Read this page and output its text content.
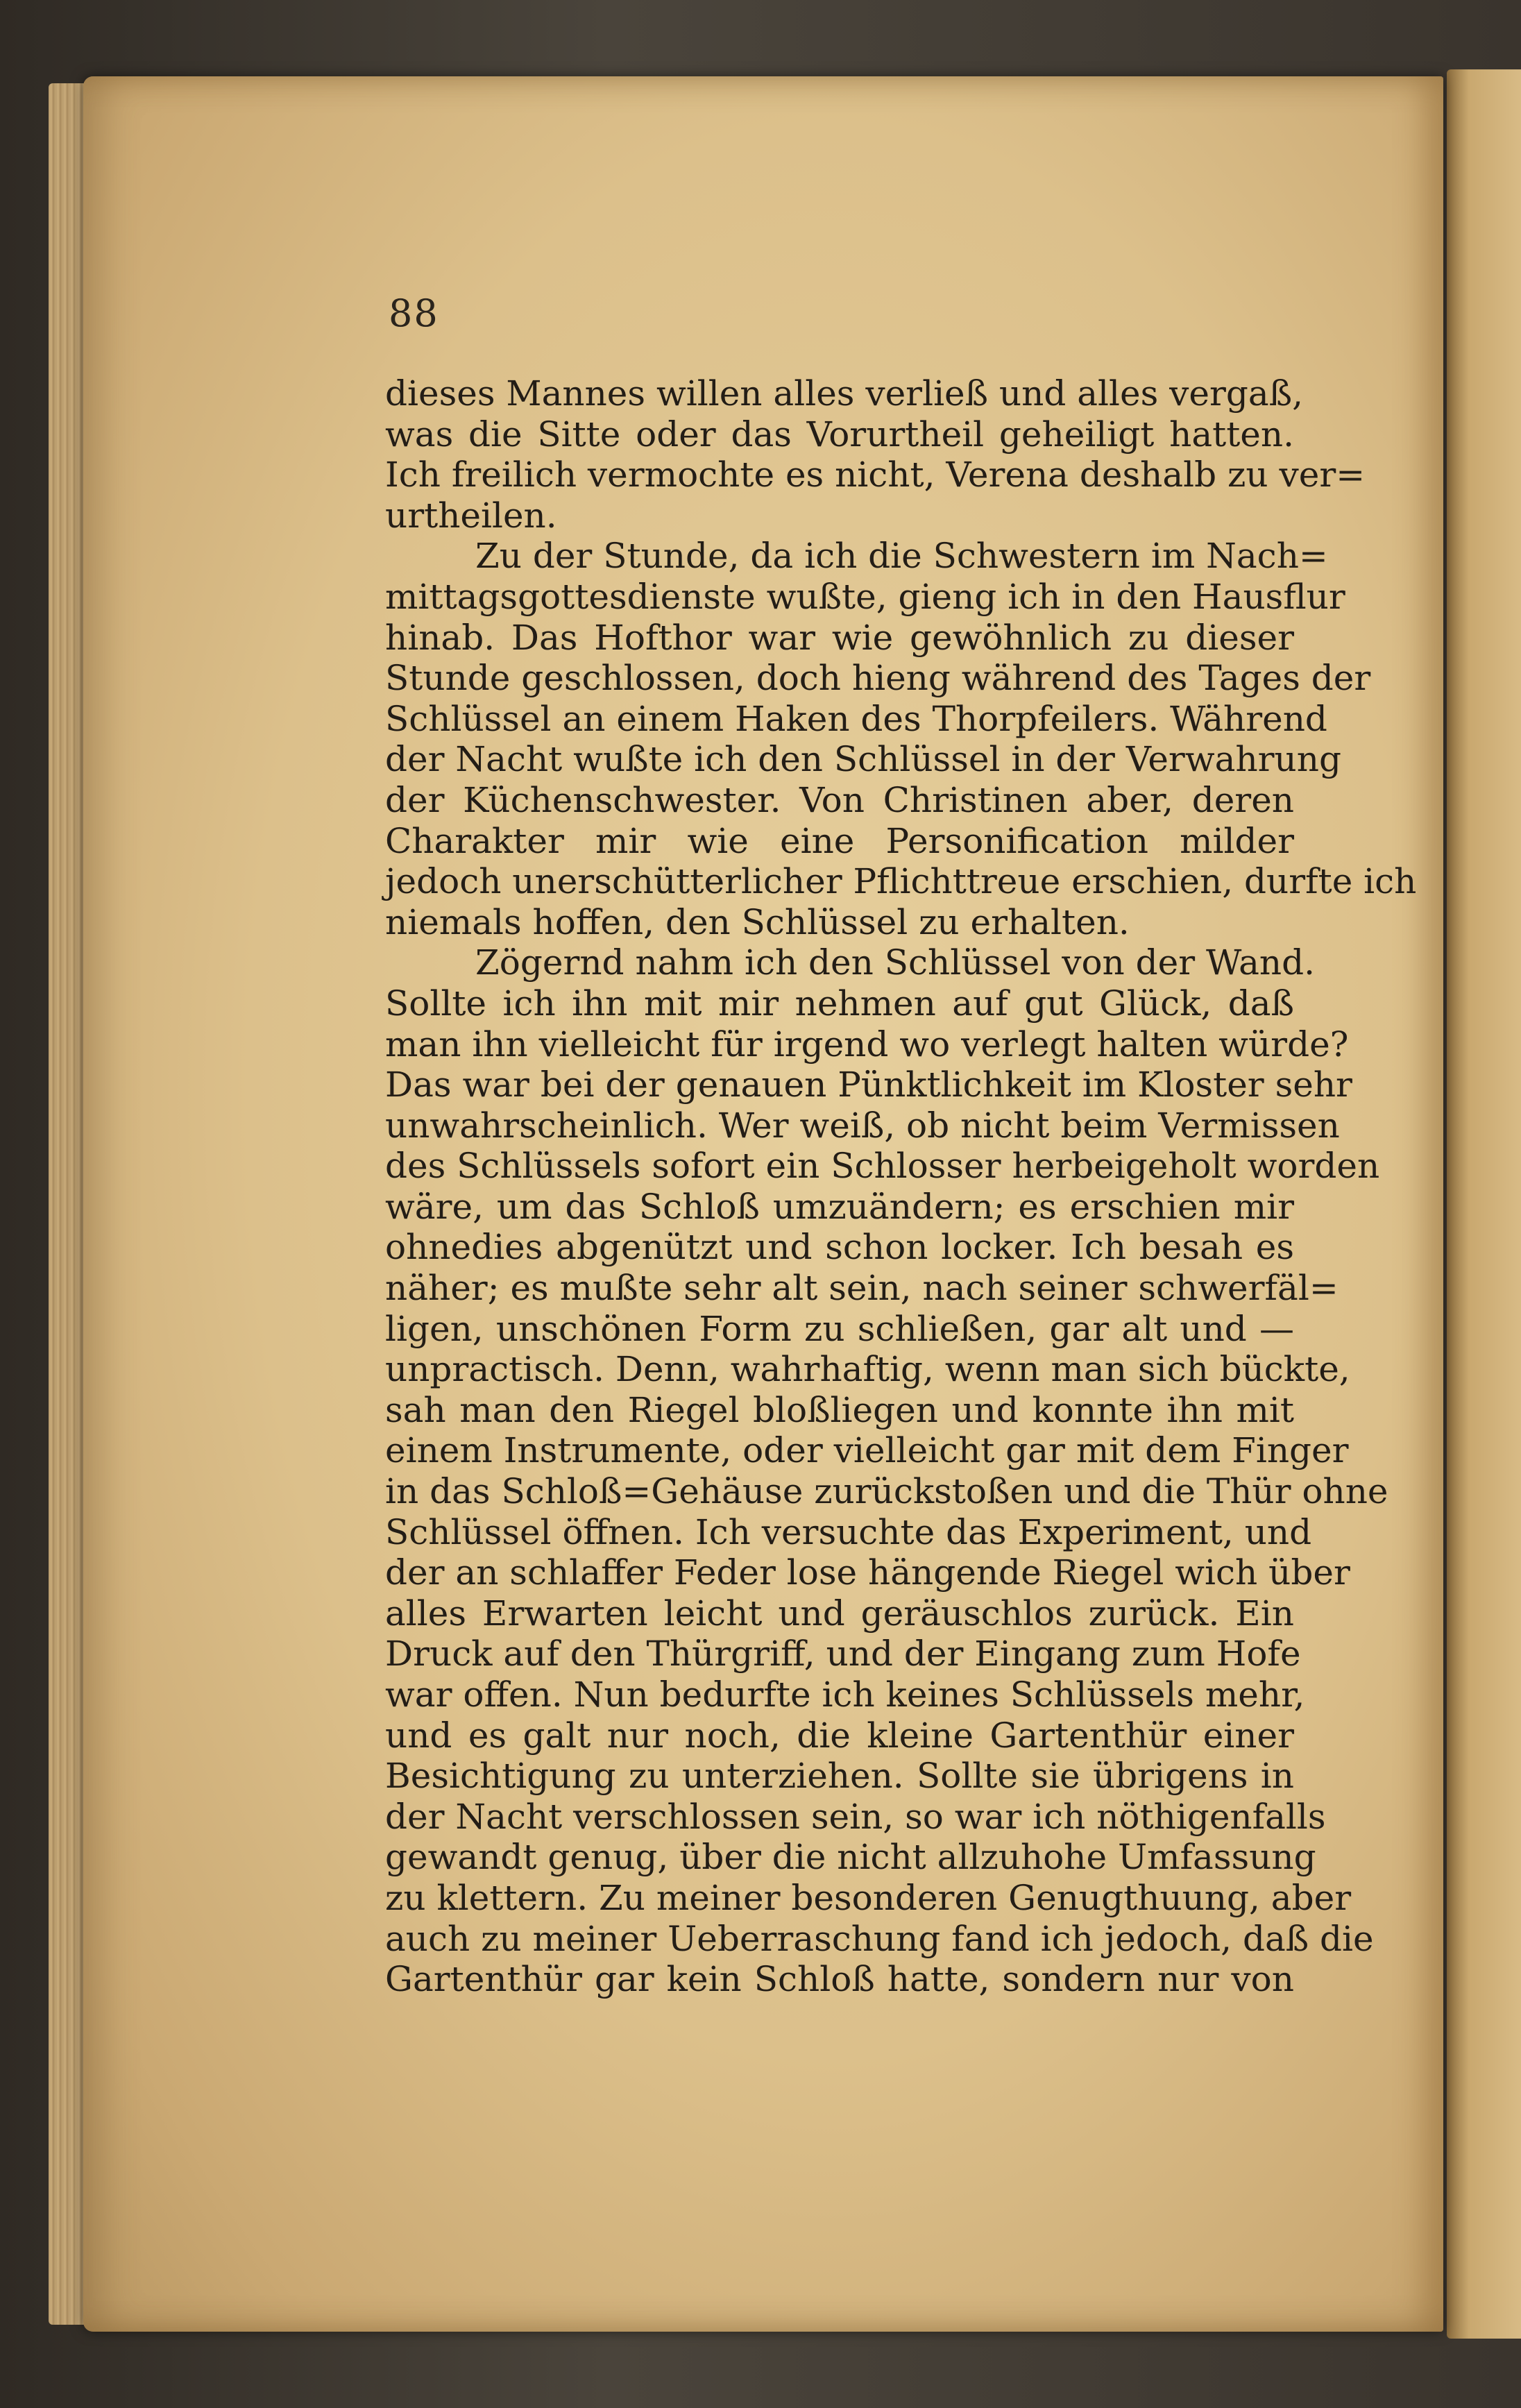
88
dieses Mannes willen alles verließ und alles vergaß,
was die Sitte oder das Vorurtheil geheiligt hatten.
Ich freilich vermochte es nicht, Verena deshalb zu ver=
urtheilen.
Zu der Stunde, da ich die Schwestern im Nach=
mittagsgottesdienste wußte, gieng ich in den Hausflur
hinab. Das Hofthor war wie gewöhnlich zu dieser
Stunde geschlossen, doch hieng während des Tages der
Schlüssel an einem Haken des Thorpfeilers. Während
der Nacht wußte ich den Schlüssel in der Verwahrung
der Küchenschwester. Von Christinen aber, deren
Charakter mir wie eine Personification milder
jedoch unerschütterlicher Pflichttreue erschien, durfte ich
niemals hoffen, den Schlüssel zu erhalten.
Zögernd nahm ich den Schlüssel von der Wand.
Sollte ich ihn mit mir nehmen auf gut Glück, daß
man ihn vielleicht für irgend wo verlegt halten würde?
Das war bei der genauen Pünktlichkeit im Kloster sehr
unwahrscheinlich. Wer weiß, ob nicht beim Vermissen
des Schlüssels sofort ein Schlosser herbeigeholt worden
wäre, um das Schloß umzuändern; es erschien mir
ohnedies abgenützt und schon locker. Ich besah es
näher; es mußte sehr alt sein, nach seiner schwerfäl=
ligen, unschönen Form zu schließen, gar alt und —
unpractisch. Denn, wahrhaftig, wenn man sich bückte,
sah man den Riegel bloßliegen und konnte ihn mit
einem Instrumente, oder vielleicht gar mit dem Finger
in das Schloß=Gehäuse zurückstoßen und die Thür ohne
Schlüssel öffnen. Ich versuchte das Experiment, und
der an schlaffer Feder lose hängende Riegel wich über
alles Erwarten leicht und geräuschlos zurück. Ein
Druck auf den Thürgriff, und der Eingang zum Hofe
war offen. Nun bedurfte ich keines Schlüssels mehr,
und es galt nur noch, die kleine Gartenthür einer
Besichtigung zu unterziehen. Sollte sie übrigens in
der Nacht verschlossen sein, so war ich nöthigenfalls
gewandt genug, über die nicht allzuhohe Umfassung
zu klettern. Zu meiner besonderen Genugthuung, aber
auch zu meiner Ueberraschung fand ich jedoch, daß die
Gartenthür gar kein Schloß hatte, sondern nur von
